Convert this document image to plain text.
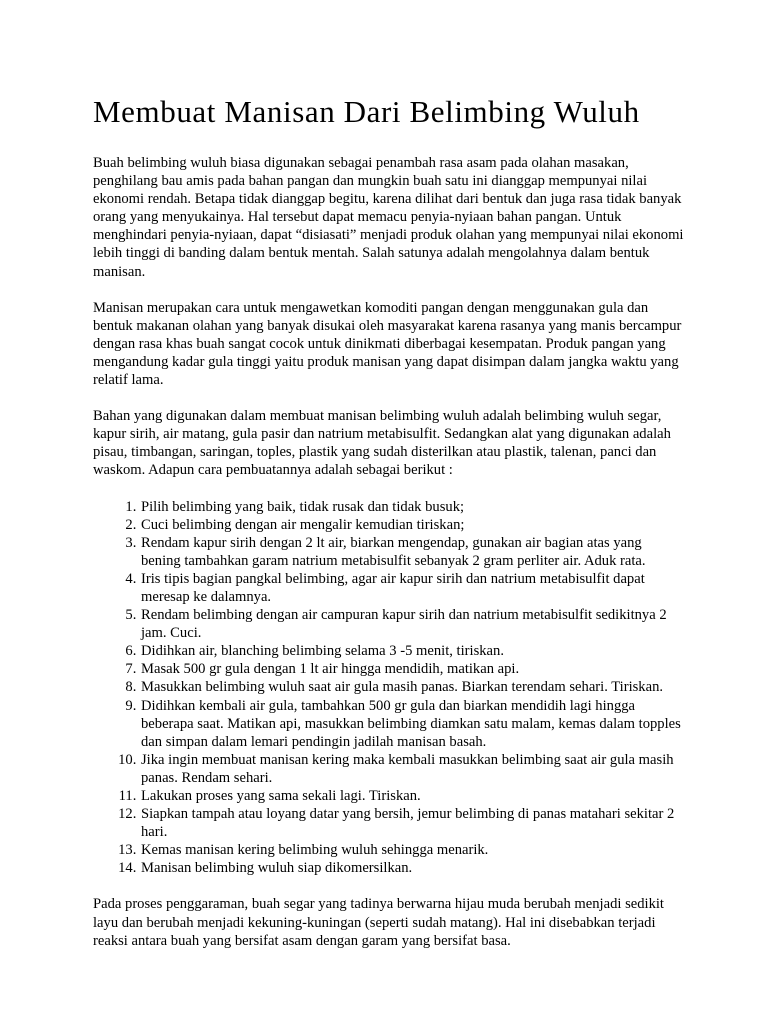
Membuat Manisan Dari Belimbing Wuluh

Buah belimbing wuluh biasa digunakan sebagai penambah rasa asam pada olahan masakan, penghilang bau amis pada bahan pangan dan mungkin buah satu ini dianggap mempunyai nilai ekonomi rendah. Betapa tidak dianggap begitu, karena dilihat dari bentuk dan juga rasa tidak banyak orang yang menyukainya. Hal tersebut dapat memacu penyia-nyiaan bahan pangan. Untuk menghindari penyia-nyiaan, dapat “disiasati” menjadi produk olahan yang mempunyai nilai ekonomi lebih tinggi di banding dalam bentuk mentah. Salah satunya adalah mengolahnya dalam bentuk manisan.

Manisan merupakan cara untuk mengawetkan komoditi pangan dengan menggunakan gula dan bentuk makanan olahan yang banyak disukai oleh masyarakat karena rasanya yang manis bercampur dengan rasa khas buah sangat cocok untuk dinikmati diberbagai kesempatan. Produk pangan yang mengandung kadar gula tinggi yaitu produk manisan yang dapat disimpan dalam jangka waktu yang relatif lama.

Bahan yang digunakan dalam membuat manisan belimbing wuluh adalah belimbing wuluh segar, kapur sirih, air matang, gula pasir dan natrium metabisulfit. Sedangkan alat yang digunakan adalah pisau, timbangan, saringan, toples, plastik yang sudah disterilkan atau plastik, talenan, panci dan waskom. Adapun cara pembuatannya adalah sebagai berikut :

1. Pilih belimbing yang baik, tidak rusak dan tidak busuk;
2. Cuci belimbing dengan air mengalir kemudian tiriskan;
3. Rendam kapur sirih dengan 2 lt air, biarkan mengendap, gunakan air bagian atas yang bening tambahkan garam natrium metabisulfit sebanyak 2 gram perliter air. Aduk rata.
4. Iris tipis bagian pangkal belimbing, agar air kapur sirih dan natrium metabisulfit dapat meresap ke dalamnya.
5. Rendam belimbing dengan air campuran kapur sirih dan natrium metabisulfit sedikitnya 2 jam. Cuci.
6. Didihkan air, blanching belimbing selama 3 -5 menit, tiriskan.
7. Masak 500 gr gula dengan 1 lt air hingga mendidih, matikan api.
8. Masukkan belimbing wuluh saat air gula masih panas. Biarkan terendam sehari. Tiriskan.
9. Didihkan kembali air gula, tambahkan 500 gr gula dan biarkan mendidih lagi hingga beberapa saat. Matikan api, masukkan belimbing diamkan satu malam, kemas dalam topples dan simpan dalam lemari pendingin jadilah manisan basah.
10. Jika ingin membuat manisan kering maka kembali masukkan belimbing saat air gula masih panas. Rendam sehari.
11. Lakukan proses yang sama sekali lagi. Tiriskan.
12. Siapkan tampah atau loyang datar yang bersih, jemur belimbing di panas matahari sekitar 2 hari.
13. Kemas manisan kering belimbing wuluh sehingga menarik.
14. Manisan belimbing wuluh siap dikomersilkan.

Pada proses penggaraman, buah segar yang tadinya berwarna hijau muda berubah menjadi sedikit layu dan berubah menjadi kekuning-kuningan (seperti sudah matang). Hal ini disebabkan terjadi reaksi antara buah yang bersifat asam dengan garam yang bersifat basa.
